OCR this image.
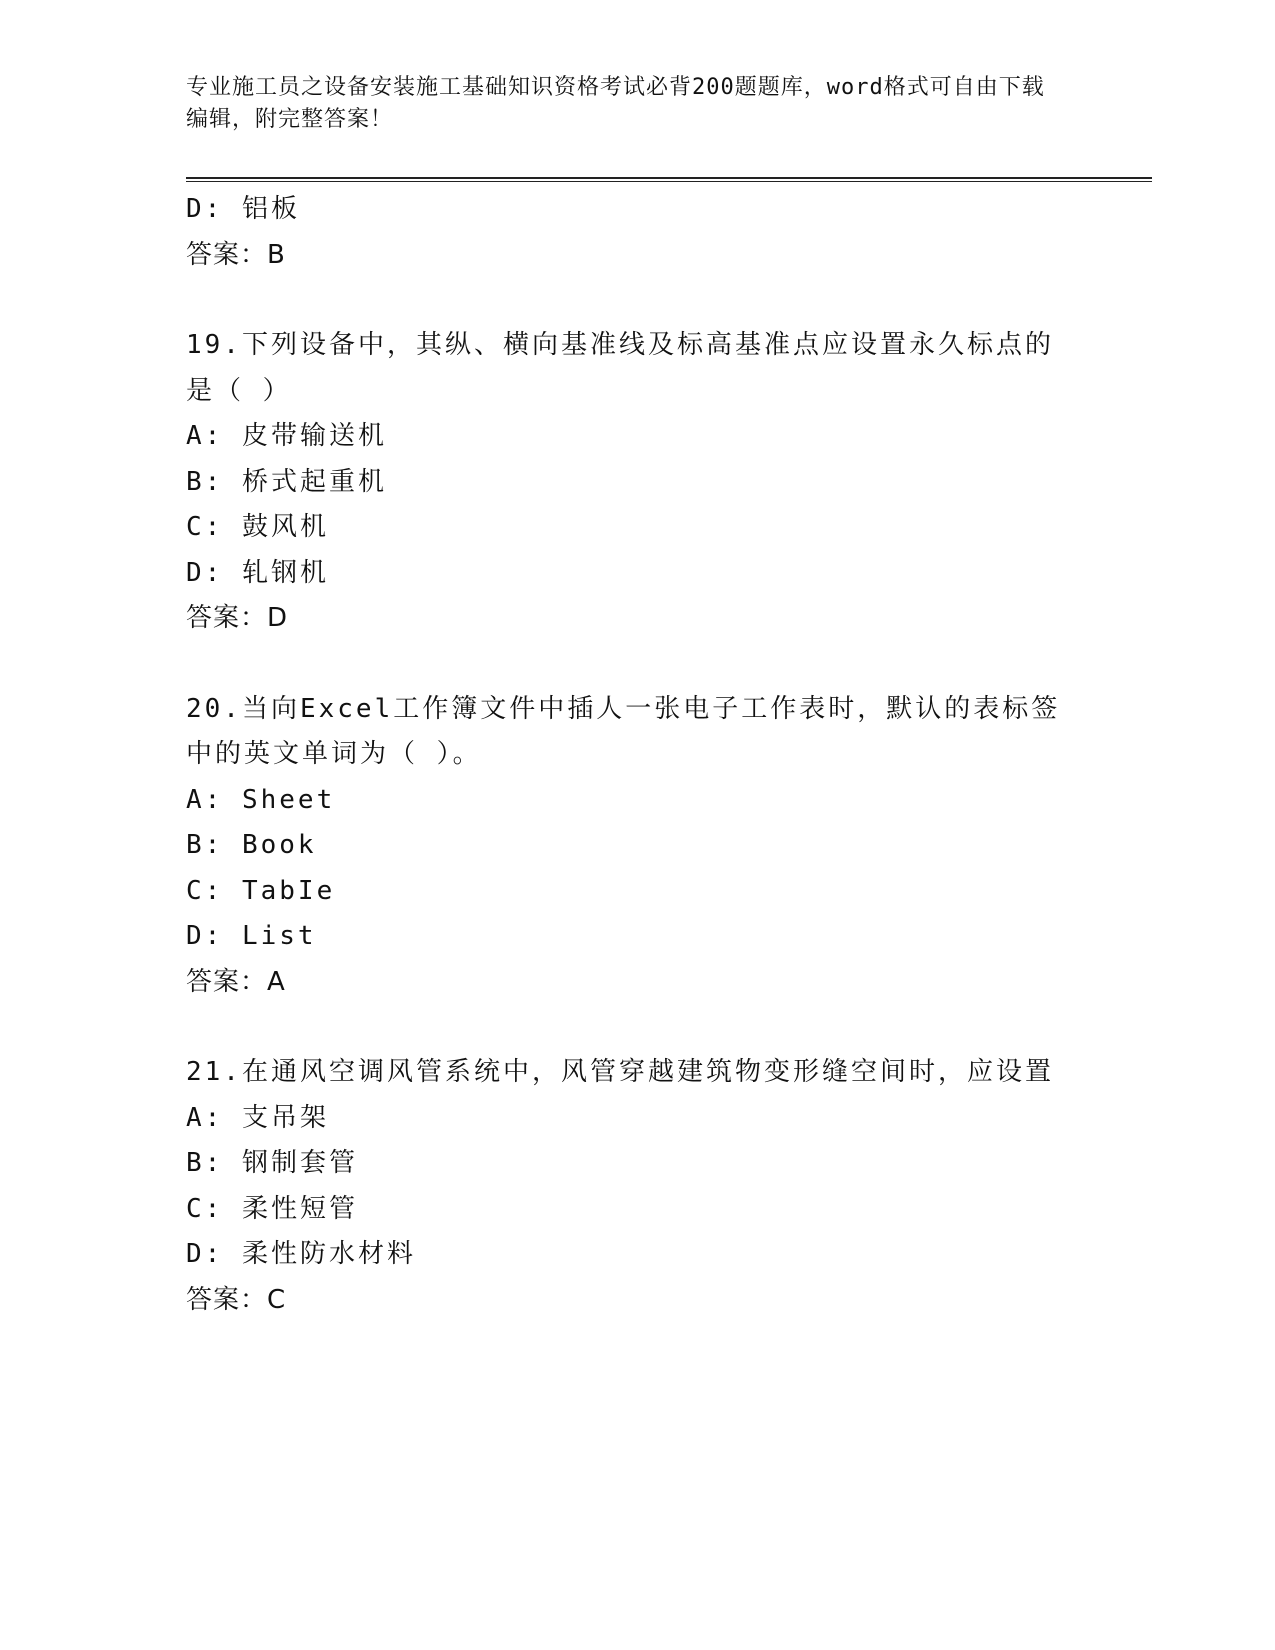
专业施工员之设备安装施工基础知识资格考试必背200题题库，word格式可自由下载编辑，附完整答案！
D: 铝板
答案：B
19.下列设备中，其纵、横向基准线及标高基准点应设置永久标点的是（ ）
A: 皮带输送机
B: 桥式起重机
C: 鼓风机
D: 轧钢机
答案：D
20.当向Excel工作簿文件中插人一张电子工作表时，默认的表标签中的英文单词为（ ）。
A: Sheet
B: Book
C: TabIe
D: List
答案：A
21.在通风空调风管系统中，风管穿越建筑物变形缝空间时，应设置
A: 支吊架
B: 钢制套管
C: 柔性短管
D: 柔性防水材料
答案：C
